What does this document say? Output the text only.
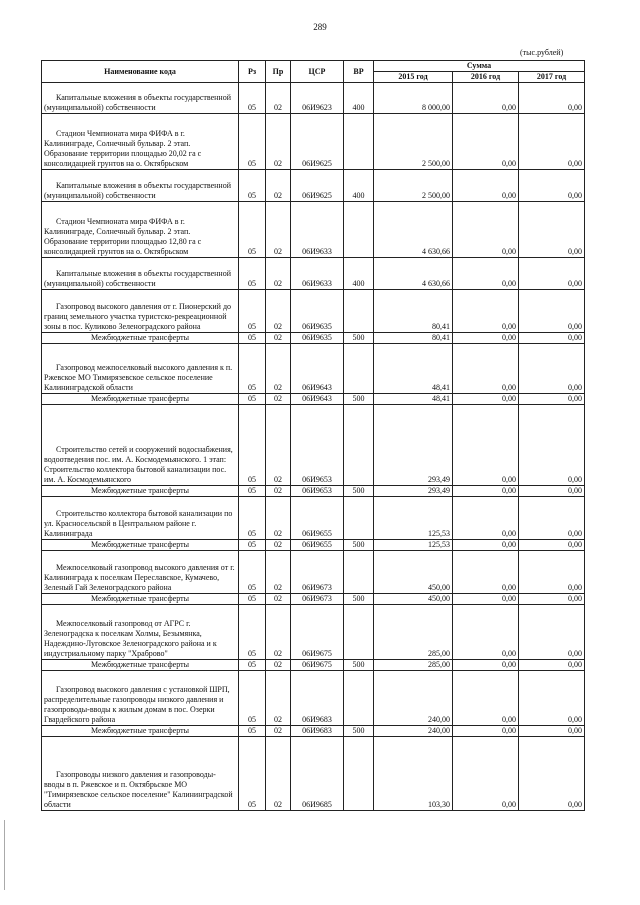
289
(тыс.рублей)
Наименование кода	Рз	Пр	ЦСР	ВР	Сумма		
					2015 год	2016 год	2017 год
Капитальные вложения в объекты государственной (муниципальной) собственности	05	02	06И9623	400	8 000,00	0,00	0,00
Стадион Чемпионата мира ФИФА в г. Калининграде, Солнечный бульвар. 2 этап. Образование территории площадью 20,02 га с консолидацией грунтов на о. Октябрьском	05	02	06И9625		2 500,00	0,00	0,00
Капитальные вложения в объекты государственной (муниципальной) собственности	05	02	06И9625	400	2 500,00	0,00	0,00
Стадион Чемпионата мира ФИФА в г. Калининграде, Солнечный бульвар. 2 этап. Образование территории площадью 12,80 га с консолидацией грунтов на о. Октябрьском	05	02	06И9633		4 630,66	0,00	0,00
Капитальные вложения в объекты государственной (муниципальной) собственности	05	02	06И9633	400	4 630,66	0,00	0,00
Газопровод высокого давления от г. Пионерский до границ земельного участка туристско-рекреационной зоны в пос. Куликово Зеленоградского района	05	02	06И9635		80,41	0,00	0,00
Межбюджетные трансферты	05	02	06И9635	500	80,41	0,00	0,00
Газопровод межпоселковый высокого давления к п. Ржевское МО Тимирязевское сельское поселение Калининградской области	05	02	06И9643		48,41	0,00	0,00
Межбюджетные трансферты	05	02	06И9643	500	48,41	0,00	0,00
Строительство сетей и сооружений водоснабжения, водоотведения пос. им. А. Космодемьянского. 1 этап: Строительство коллектора бытовой канализации пос. им. А. Космодемьянского	05	02	06И9653		293,49	0,00	0,00
Межбюджетные трансферты	05	02	06И9653	500	293,49	0,00	0,00
Строительство коллектора бытовой канализации по ул. Красносельской в Центральном районе г. Калининграда	05	02	06И9655		125,53	0,00	0,00
Межбюджетные трансферты	05	02	06И9655	500	125,53	0,00	0,00
Межпоселковый газопровод высокого давления от г. Калининграда к поселкам Переславское, Кумачево, Зеленый Гай Зеленоградского района	05	02	06И9673		450,00	0,00	0,00
Межбюджетные трансферты	05	02	06И9673	500	450,00	0,00	0,00
Межпоселковый газопровод от АГРС г. Зеленоградска к поселкам Холмы, Безымянка, Надеждино-Луговское Зеленоградского района и к индустриальному парку "Храброво"	05	02	06И9675		285,00	0,00	0,00
Межбюджетные трансферты	05	02	06И9675	500	285,00	0,00	0,00
Газопровод высокого давления с установкой ШРП, распределительные газопроводы низкого давления и газопроводы-вводы к жилым домам в пос. Озерки Гвардейского района	05	02	06И9683		240,00	0,00	0,00
Межбюджетные трансферты	05	02	06И9683	500	240,00	0,00	0,00
Газопроводы низкого давления и газопроводы-вводы в п. Ржевское и п. Октябрьское МО "Тимирязевское сельское поселение" Калининградской области	05	02	06И9685		103,30	0,00	0,00
